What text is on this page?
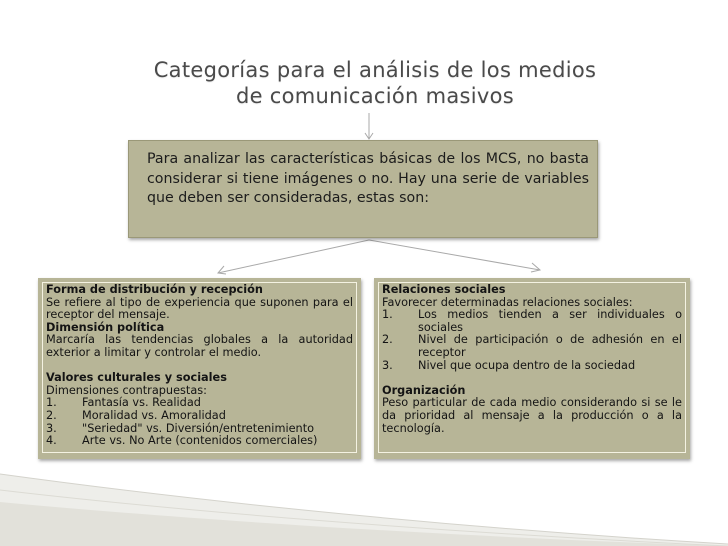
Categorías para el análisis de los medios
de comunicación masivos
Para analizar las características básicas de los MCS, no basta considerar si tiene imágenes o no. Hay una serie de variables que deben ser consideradas, estas son:
Forma de distribución y recepción
Se refiere al tipo de experiencia que suponen para el receptor del mensaje.
Dimensión política
Marcaría las tendencias globales a la autoridad exterior a limitar y controlar el medio.
Valores culturales y sociales
Dimensiones contrapuestas:
1.	Fantasía vs. Realidad
2.	Moralidad vs. Amoralidad
3.	"Seriedad" vs. Diversión/entretenimiento
4.	Arte vs. No Arte (contenidos comerciales)
Relaciones sociales
Favorecer determinadas relaciones sociales:
1.	Los medios tienden a ser individuales o sociales
2.	Nivel de participación o de adhesión en el receptor
3.	Nivel que ocupa dentro de la sociedad
Organización
Peso particular de cada medio considerando si se le da prioridad al mensaje a la producción o a la tecnología.
